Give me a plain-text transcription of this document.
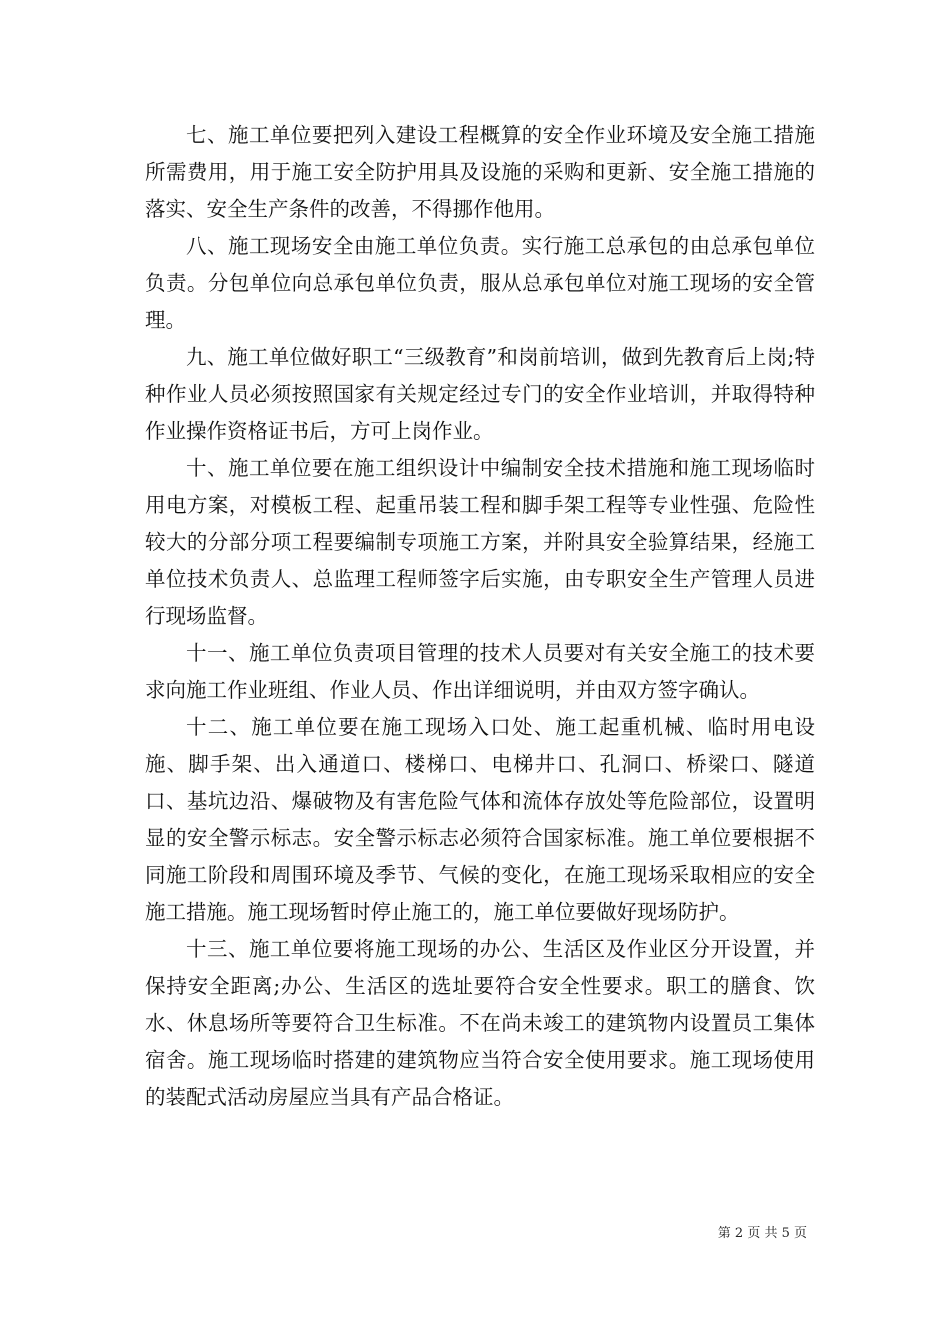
七、施工单位要把列入建设工程概算的安全作业环境及安全施工措施所需费用，用于施工安全防护用具及设施的采购和更新、安全施工措施的落实、安全生产条件的改善，不得挪作他用。

八、施工现场安全由施工单位负责。实行施工总承包的由总承包单位负责。分包单位向总承包单位负责，服从总承包单位对施工现场的安全管理。

九、施工单位做好职工“三级教育”和岗前培训，做到先教育后上岗;特种作业人员必须按照国家有关规定经过专门的安全作业培训，并取得特种作业操作资格证书后，方可上岗作业。

十、施工单位要在施工组织设计中编制安全技术措施和施工现场临时用电方案，对模板工程、起重吊装工程和脚手架工程等专业性强、危险性较大的分部分项工程要编制专项施工方案，并附具安全验算结果，经施工单位技术负责人、总监理工程师签字后实施，由专职安全生产管理人员进行现场监督。

十一、施工单位负责项目管理的技术人员要对有关安全施工的技术要求向施工作业班组、作业人员、作出详细说明，并由双方签字确认。

十二、施工单位要在施工现场入口处、施工起重机械、临时用电设施、脚手架、出入通道口、楼梯口、电梯井口、孔洞口、桥梁口、隧道口、基坑边沿、爆破物及有害危险气体和流体存放处等危险部位，设置明显的安全警示标志。安全警示标志必须符合国家标准。施工单位要根据不同施工阶段和周围环境及季节、气候的变化，在施工现场采取相应的安全施工措施。施工现场暂时停止施工的，施工单位要做好现场防护。

十三、施工单位要将施工现场的办公、生活区及作业区分开设置，并保持安全距离;办公、生活区的选址要符合安全性要求。职工的膳食、饮水、休息场所等要符合卫生标准。不在尚未竣工的建筑物内设置员工集体宿舍。施工现场临时搭建的建筑物应当符合安全使用要求。施工现场使用的装配式活动房屋应当具有产品合格证。

第 2 页 共 5 页
